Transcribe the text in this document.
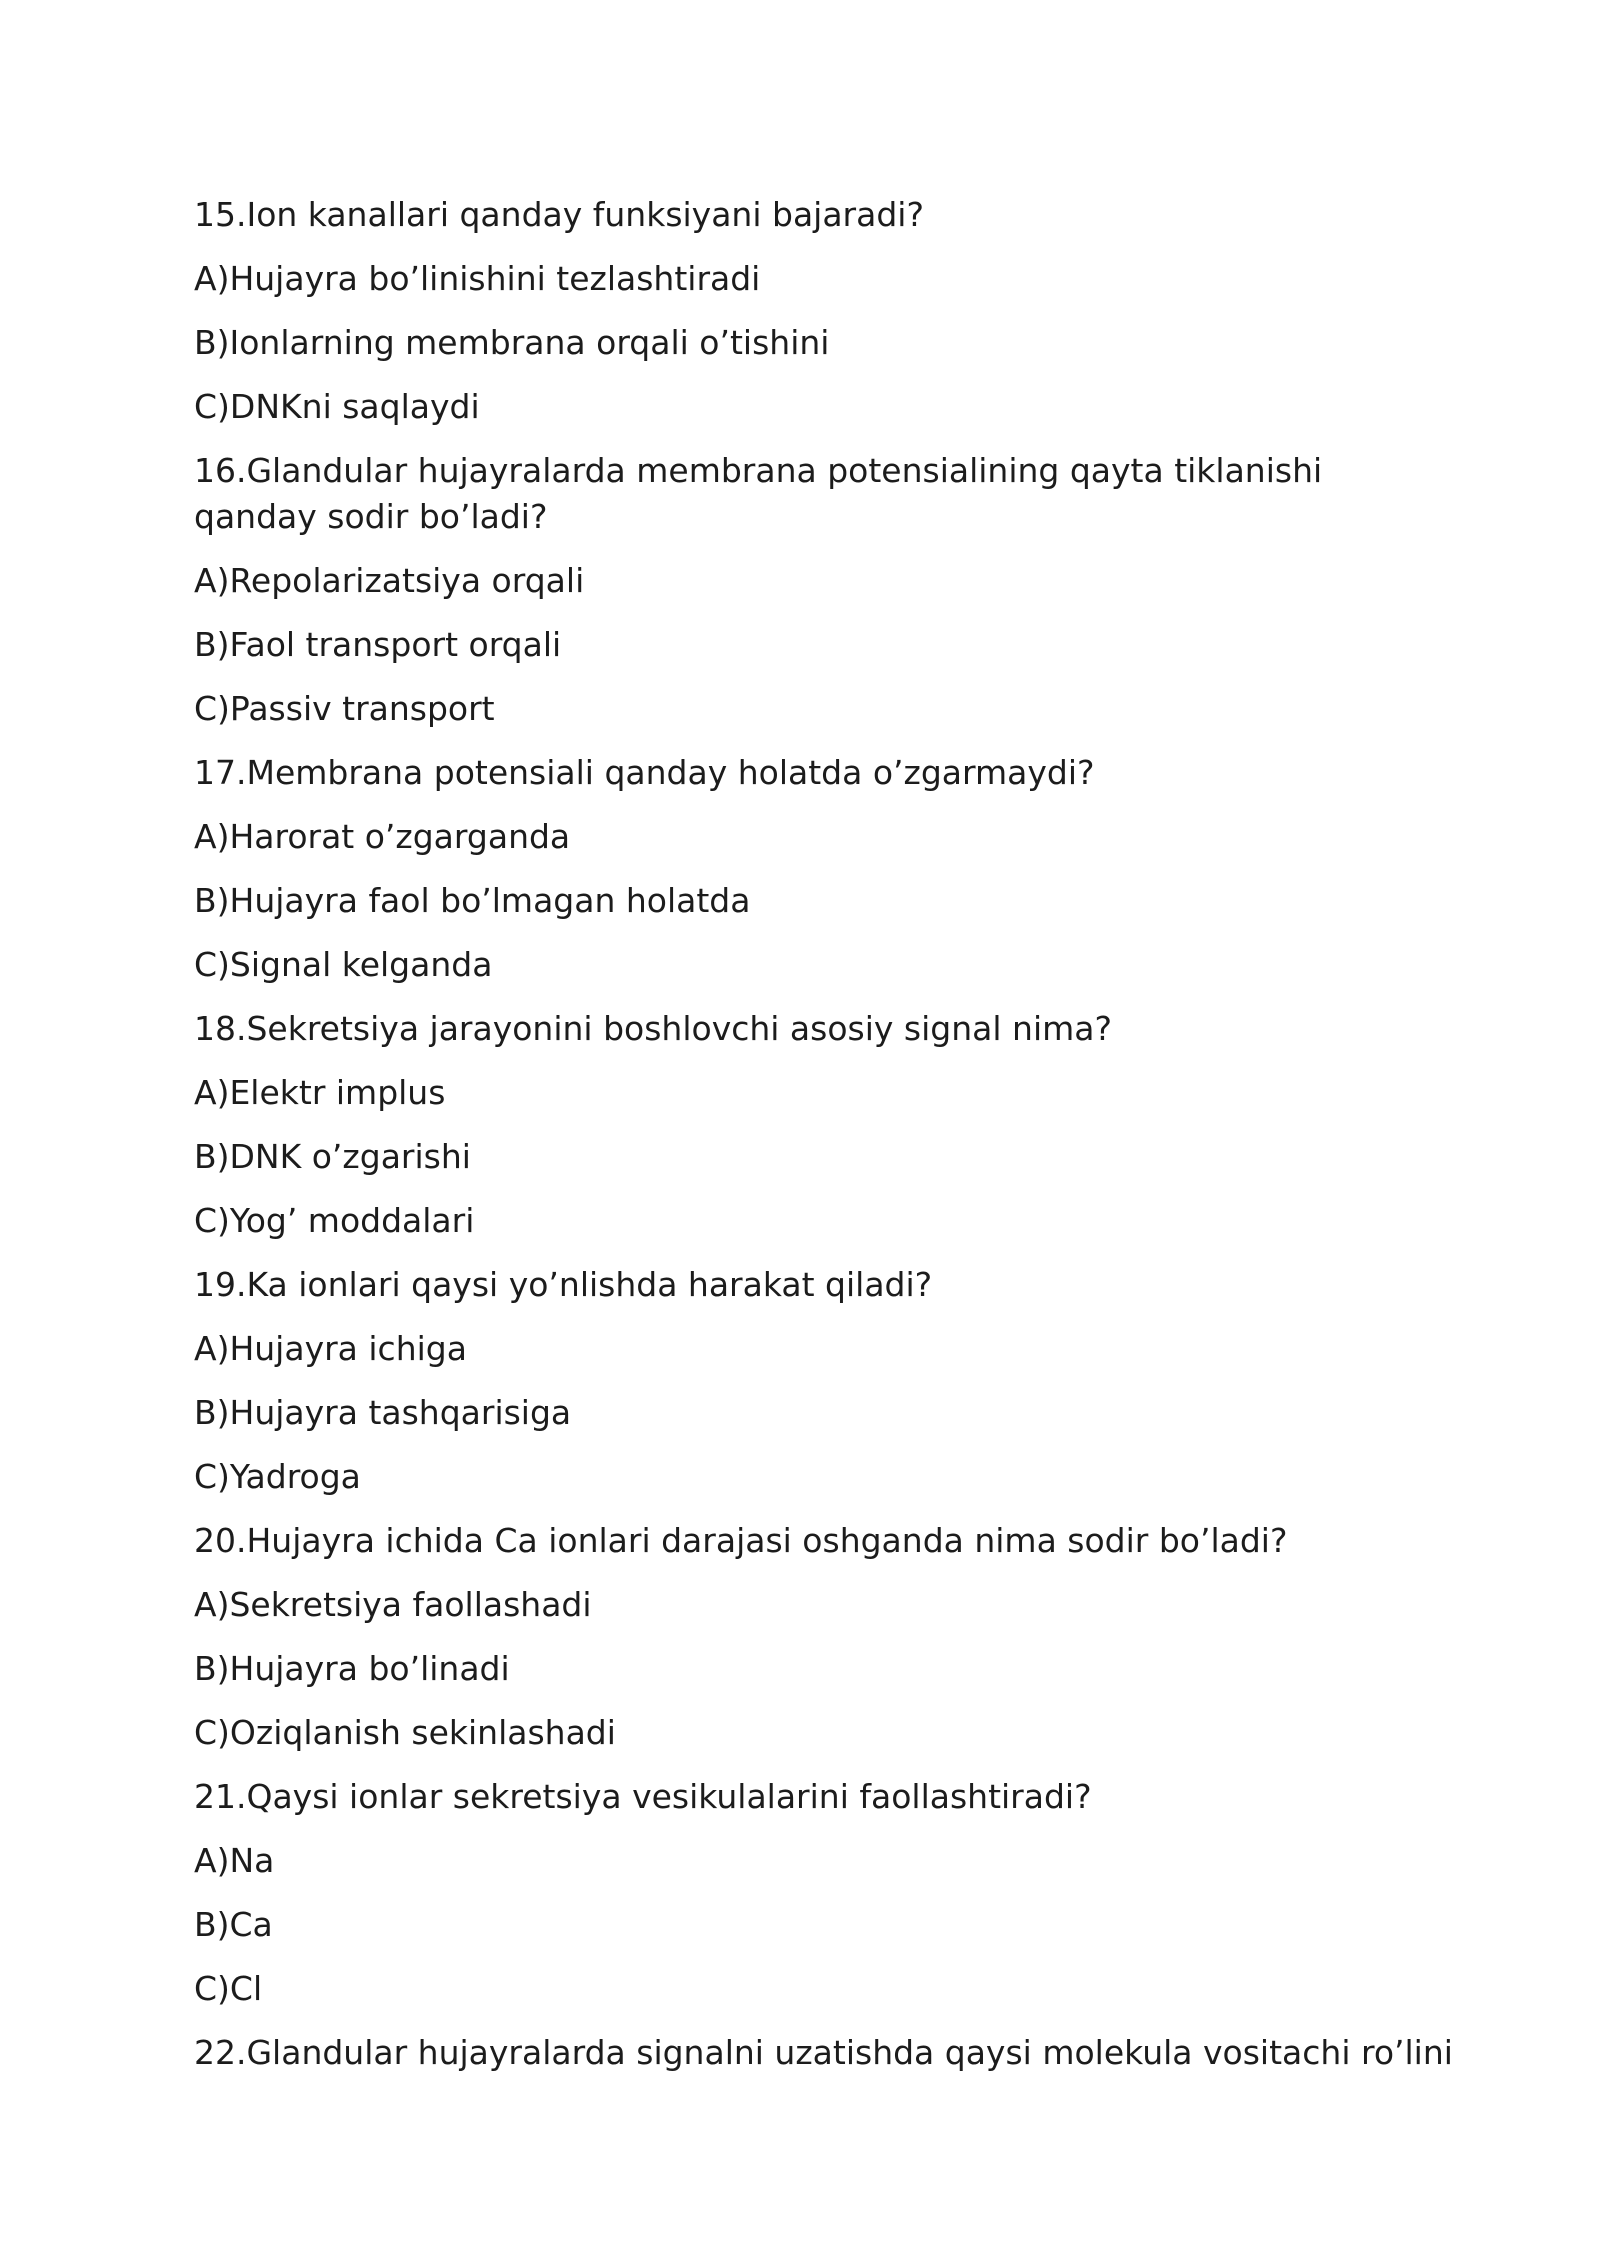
15.Ion kanallari qanday funksiyani bajaradi?

A)Hujayra bo’linishini tezlashtiradi

B)Ionlarning membrana orqali o’tishini

C)DNKni saqlaydi

16.Glandular hujayralarda membrana potensialining qayta tiklanishi qanday sodir bo’ladi?

A)Repolarizatsiya orqali

B)Faol transport orqali

C)Passiv transport

17.Membrana potensiali qanday holatda o’zgarmaydi?

A)Harorat o’zgarganda

B)Hujayra faol bo’lmagan holatda

C)Signal kelganda

18.Sekretsiya jarayonini boshlovchi asosiy signal nima?

A)Elektr implus

B)DNK o’zgarishi

C)Yog’ moddalari

19.Ka ionlari qaysi yo’nlishda harakat qiladi?

A)Hujayra ichiga

B)Hujayra tashqarisiga

C)Yadroga

20.Hujayra ichida Ca ionlari darajasi oshganda nima sodir bo’ladi?

A)Sekretsiya faollashadi

B)Hujayra bo’linadi

C)Oziqlanish sekinlashadi

21.Qaysi ionlar sekretsiya vesikulalarini faollashtiradi?

A)Na

B)Ca

C)Cl

22.Glandular hujayralarda signalni uzatishda qaysi molekula vositachi ro’lini
